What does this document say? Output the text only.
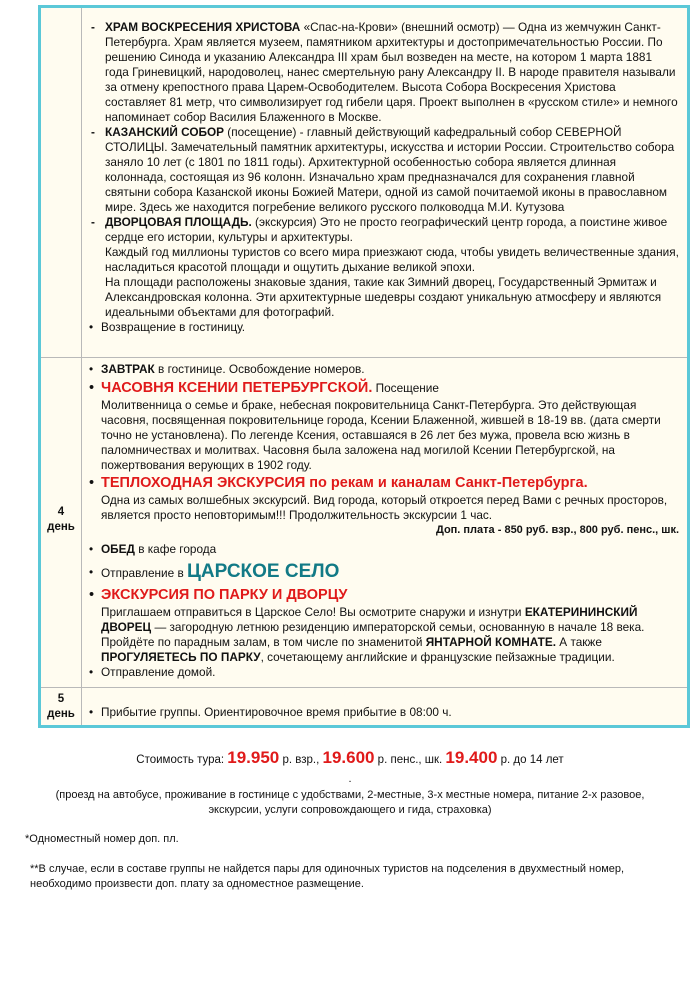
4
день
5
день
- ХРАМ ВОСКРЕСЕНИЯ ХРИСТОВА «Спас-на-Крови» (внешний осмотр) — Одна из жемчужин Санкт-Петербурга. Храм является музеем, памятником архитектуры и достопримечательностью России. По решению Синода и указанию Александра III храм был возведен на месте, на котором 1 марта 1881 года Гриневицкий, народоволец, нанес смертельную рану Александру II. В народе правителя называли за отмену крепостного права Царем-Освободителем. Высота Собора Воскресения Христова составляет 81 метр, что символизирует год гибели царя. Проект выполнен в «русском стиле» и немного напоминает собор Василия Блаженного в Москве.
- КАЗАНСКИЙ СОБОР (посещение) - главный действующий кафедральный собор СЕВЕРНОЙ СТОЛИЦЫ. Замечательный памятник архитектуры, искусства и истории России. Строительство собора заняло 10 лет (с 1801 по 1811 годы). Архитектурной особенностью собора является длинная колоннада, состоящая из 96 колонн. Изначально храм предназначался для сохранения главной святыни собора Казанской иконы Божией Матери, одной из самой почитаемой иконы в православном мире. Здесь же находится погребение великого русского полководца М.И. Кутузова
- ДВОРЦОВАЯ ПЛОЩАДЬ. (экскурсия) Это не просто географический центр города, а поистине живое сердце его истории, культуры и архитектуры.

Каждый год миллионы туристов со всего мира приезжают сюда, чтобы увидеть величественные здания, насладиться красотой площади и ощутить дыхание великой эпохи.

На площади расположены знаковые здания, такие как Зимний дворец, Государственный Эрмитаж и Александровская колонна. Эти архитектурные шедевры создают уникальную атмосферу и являются идеальными объектами для фотографий.

• Возвращение в гостиницу.
• ЗАВТРАК в гостинице. Освобождение номеров.
• ЧАСОВНЯ КСЕНИИ ПЕТЕРБУРГСКОЙ. Посещение

Молитвенница о семье и браке, небесная покровительница Санкт-Петербурга. Это действующая часовня, посвященная покровительнице города, Ксении Блаженной, жившей в 18-19 вв. (дата смерти точно не установлена). По легенде Ксения, оставшаяся в 26 лет без мужа, провела всю жизнь в паломничествах и молитвах. Часовня была заложена над могилой Ксении Петербургской, на пожертвования верующих в 1902 году.

• ТЕПЛОХОДНАЯ ЭКСКУРСИЯ по рекам и каналам Санкт-Петербурга.

Одна из самых волшебных экскурсий. Вид города, который откроется перед Вами с речных просторов, является просто неповторимым!!! Продолжительность экскурсии 1 час.

Доп. плата - 850 руб. взр., 800 руб. пенс., шк.

• ОБЕД в кафе города
• Отправление в ЦАРСКОЕ СЕЛО
• ЭКСКУРСИЯ ПО ПАРКУ И ДВОРЦУ

Приглашаем отправиться в Царское Село! Вы осмотрите снаружи и изнутри ЕКАТЕРИНИНСКИЙ ДВОРЕЦ — загородную летнюю резиденцию императорской семьи, основанную в начале 18 века. Пройдёте по парадным залам, в том числе по знаменитой ЯНТАРНОЙ КОМНАТЕ. А также ПРОГУЛЯЕТЕСЬ ПО ПАРКУ, сочетающему английские и французские пейзажные традиции.

• Отправление домой.
• Прибытие группы. Ориентировочное время прибытие в 08:00 ч.
Стоимость тура: 19.950 р. взр., 19.600 р. пенс., шк. 19.400 р. до 14 лет
.
(проезд на автобусе, проживание в гостинице с удобствами, 2-местные, 3-х местные номера, питание 2-х разовое, экскурсии, услуги сопровождающего и гида, страховка)
*Одноместный номер доп. пл.
**В случае, если в составе группы не найдется пары для одиночных туристов на подселения в двухместный номер, необходимо произвести доп. плату за одноместное размещение.
